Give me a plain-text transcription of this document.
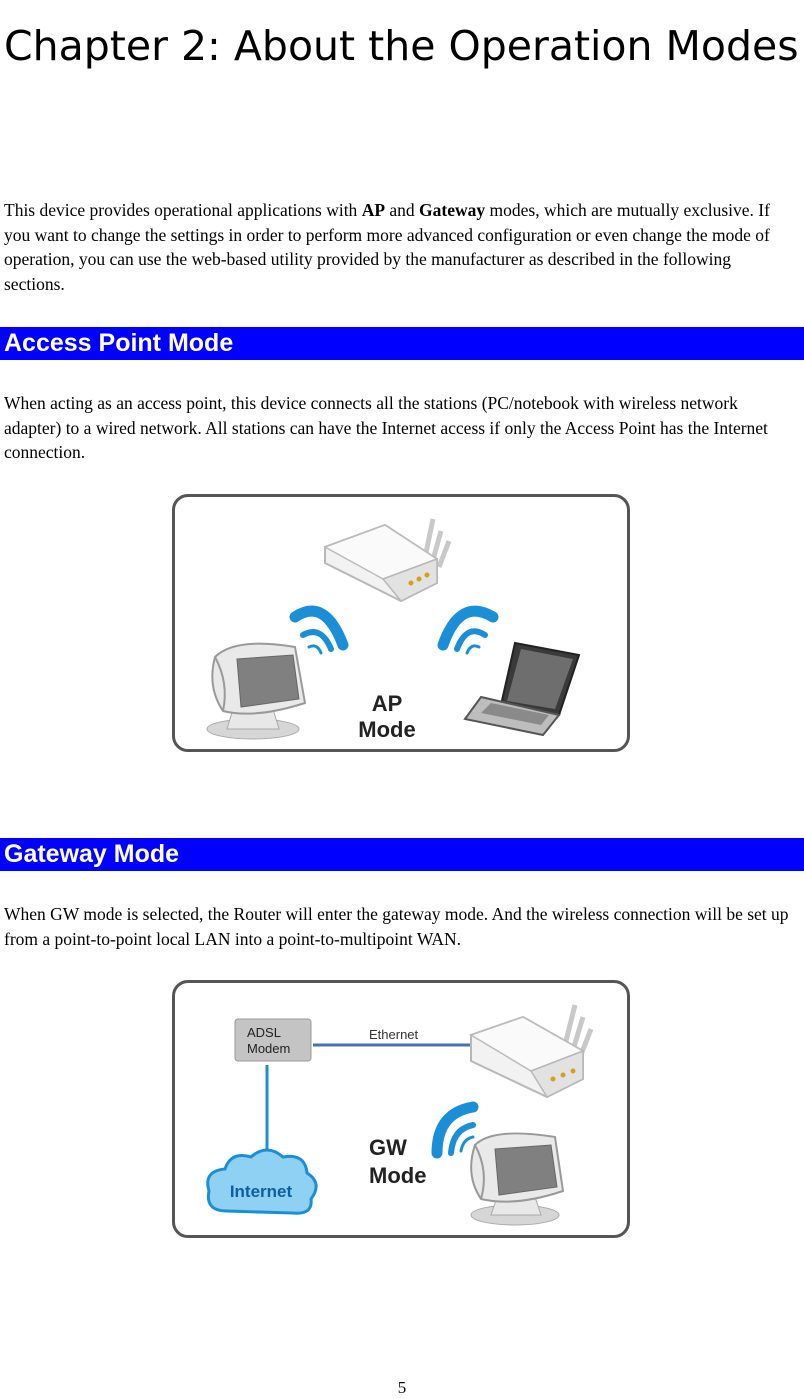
Chapter 2: About the Operation Modes

This device provides operational applications with AP and Gateway modes, which are mutually exclusive. If you want to change the settings in order to perform more advanced configuration or even change the mode of operation, you can use the web-based utility provided by the manufacturer as described in the following sections.

Access Point Mode

When acting as an access point, this device connects all the stations (PC/notebook with wireless network adapter) to a wired network. All stations can have the Internet access if only the Access Point has the Internet connection.

AP
Mode
Gateway Mode

When GW mode is selected, the Router will enter the gateway mode. And the wireless connection will be set up from a point-to-point local LAN into a point-to-multipoint WAN.

ADSL
Modem
Ethernet
Internet
GW
Mode
5
